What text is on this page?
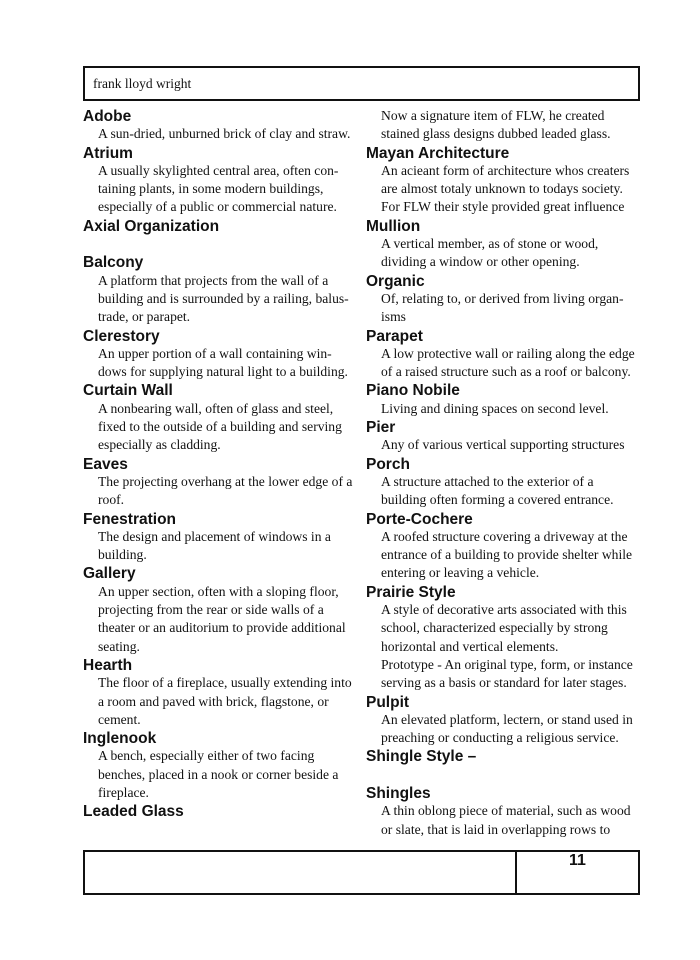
frank lloyd wright
Adobe
A sun-dried, unburned brick of clay and straw.
Atrium
A usually skylighted central area, often con-
taining plants, in some modern buildings,
especially of a public or commercial nature.
Axial Organization
Balcony
A platform that projects from the wall of a
building and is surrounded by a railing, balus-
trade, or parapet.
Clerestory
An upper portion of a wall containing win-
dows for supplying natural light to a building.
Curtain Wall
A nonbearing wall, often of glass and steel,
fixed to the outside of a building and serving
especially as cladding.
Eaves
The projecting overhang at the lower edge of a
roof.
Fenestration
The design and placement of windows in a
building.
Gallery
An upper section, often with a sloping floor,
projecting from the rear or side walls of a
theater or an auditorium to provide additional
seating.
Hearth
The floor of a fireplace, usually extending into
a room and paved with brick, flagstone, or
cement.
Inglenook
A bench, especially either of two facing
benches, placed in a nook or corner beside a
fireplace.
Leaded Glass
Now a signature item of FLW, he created
stained glass designs dubbed leaded glass.
Mayan Architecture
An acieant form of architecture whos creaters
are almost totaly unknown to todays society.
For FLW their style provided great influence
Mullion
A vertical member, as of stone or wood,
dividing a window or other opening.
Organic
Of, relating to, or derived from living organ-
isms
Parapet
A low protective wall or railing along the edge
of a raised structure such as a roof or balcony.
Piano Nobile
Living and dining spaces on second level.
Pier
Any of various vertical supporting structures
Porch
A structure attached to the exterior of a
building often forming a covered entrance.
Porte-Cochere
A roofed structure covering a driveway at the
entrance of a building to provide shelter while
entering or leaving a vehicle.
Prairie Style
A style of decorative arts associated with this
school, characterized especially by strong
horizontal and vertical elements.
Prototype - An original type, form, or instance
serving as a basis or standard for later stages.
Pulpit
An elevated platform, lectern, or stand used in
preaching or conducting a religious service.
Shingle Style –
Shingles
A thin oblong piece of material, such as wood
or slate, that is laid in overlapping rows to
11
